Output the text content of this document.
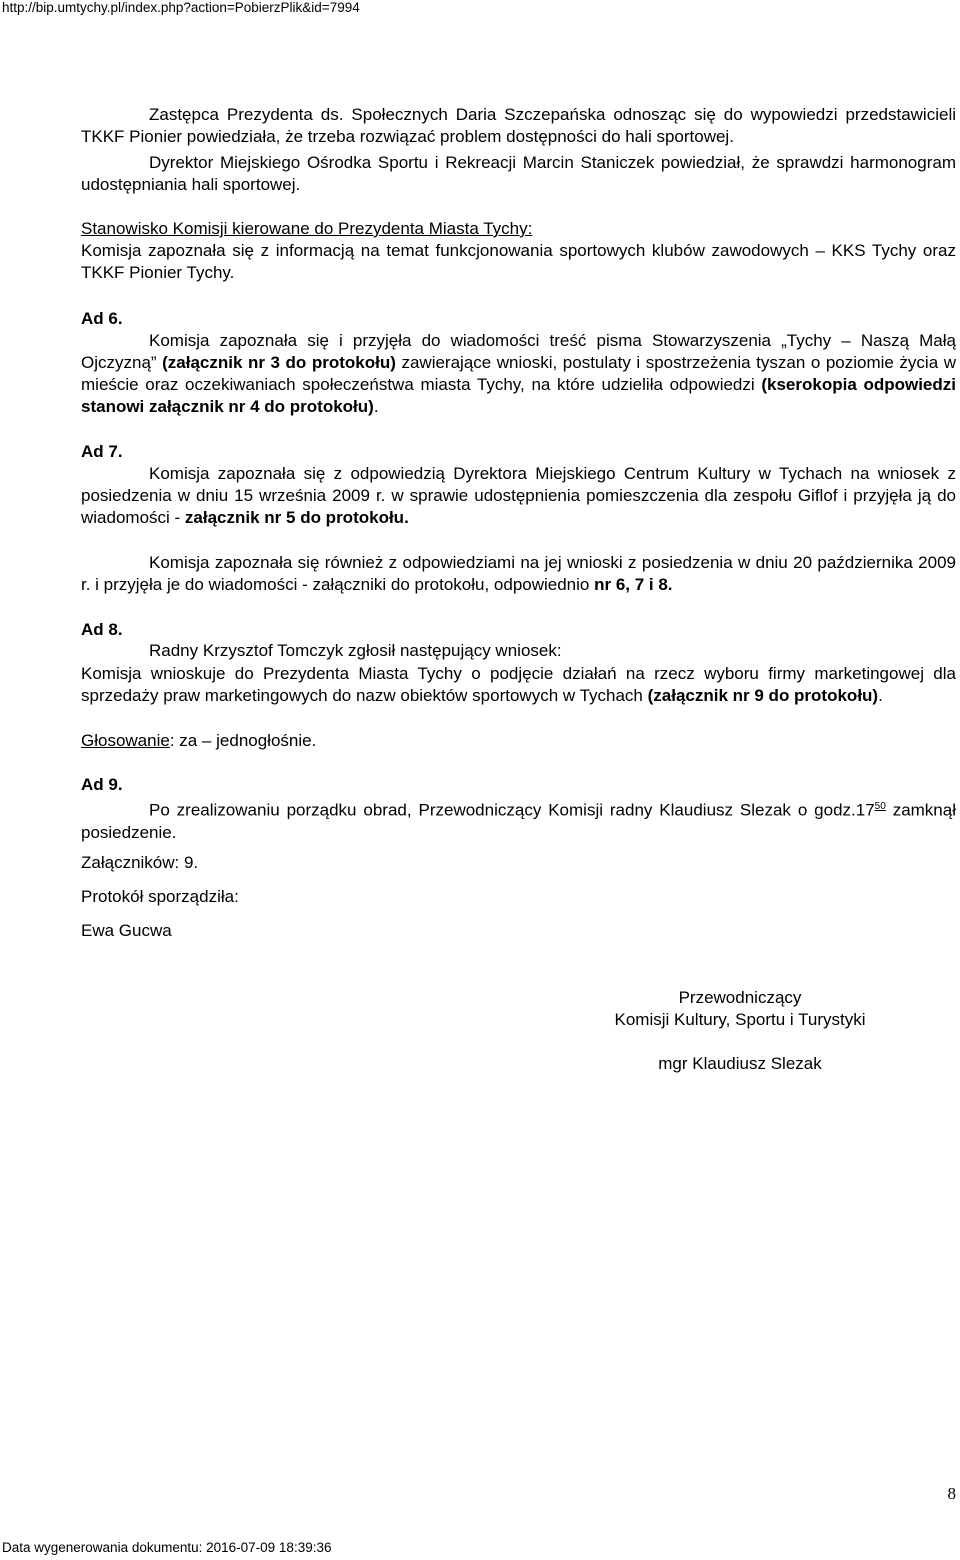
http://bip.umtychy.pl/index.php?action=PobierzPlik&id=7994

Zastępca Prezydenta ds. Społecznych Daria Szczepańska odnosząc się do wypowiedzi przedstawicieli TKKF Pionier powiedziała, że trzeba rozwiązać problem dostępności do hali sportowej.

Dyrektor Miejskiego Ośrodka Sportu i Rekreacji Marcin Staniczek powiedział, że sprawdzi harmonogram udostępniania hali sportowej.

Stanowisko Komisji kierowane do Prezydenta Miasta Tychy:

Komisja zapoznała się z informacją na temat funkcjonowania sportowych klubów zawodowych – KKS Tychy oraz TKKF Pionier Tychy.

Ad 6.

Komisja zapoznała się i przyjęła do wiadomości treść pisma Stowarzyszenia „Tychy – Naszą Małą Ojczyzną” (załącznik nr 3 do protokołu) zawierające wnioski, postulaty i spostrzeżenia tyszan o poziomie życia w mieście oraz oczekiwaniach społeczeństwa miasta Tychy, na które udzieliła odpowiedzi (kserokopia odpowiedzi stanowi załącznik nr 4 do protokołu).

Ad 7.

Komisja zapoznała się z odpowiedzią Dyrektora Miejskiego Centrum Kultury w Tychach na wniosek z posiedzenia w dniu 15 września 2009 r. w sprawie udostępnienia pomieszczenia dla zespołu Giflof i przyjęła ją do wiadomości - załącznik nr 5 do protokołu.

Komisja zapoznała się również z odpowiedziami na jej wnioski z posiedzenia w dniu 20 października 2009 r. i przyjęła je do wiadomości - załączniki do protokołu, odpowiednio nr 6, 7 i 8.

Ad 8.

Radny Krzysztof Tomczyk zgłosił następujący wniosek:

Komisja wnioskuje do Prezydenta Miasta Tychy o podjęcie działań na rzecz wyboru firmy marketingowej dla sprzedaży praw marketingowych do nazw obiektów sportowych w Tychach (załącznik nr 9 do protokołu).

Głosowanie: za – jednogłośnie.
Ad 9.

Po zrealizowaniu porządku obrad, Przewodniczący Komisji radny Klaudiusz Slezak o $godz.17^{50}$ zamknął posiedzenie.

Załączników: 9.
Protokół sporządziła:
Ewa Gucwa
Przewodniczący
Komisji Kultury, Sportu i Turystyki
mgr Klaudiusz Slezak
8
Data wygenerowania dokumentu: 2016-07-09 18:39:36
